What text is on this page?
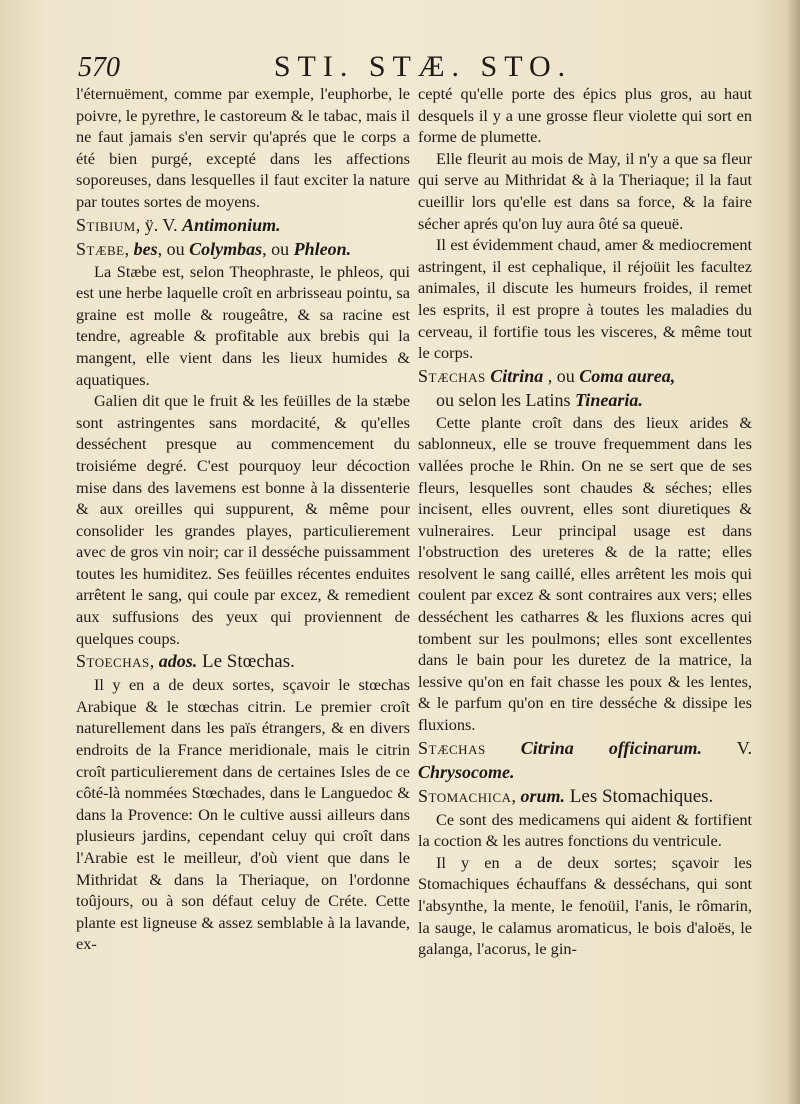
570	STI. STÆ. STO.

l'éternuëment, comme par exemple, l'euphorbe, le poivre, le pyrethre, le castoreum & le tabac, mais il ne faut jamais s'en servir qu'aprés que le corps a été bien purgé, excepté dans les affections soporeuses, dans lesquelles il faut exciter la nature par toutes sortes de moyens.

Stibium, ÿ. V. Antimonium.

Stæbe, bes, ou Colymbas, ou Phleon.

La Stæbe est, selon Theophraste, le phleos, qui est une herbe laquelle croît en arbrisseau pointu, sa graine est molle & rougeâtre, & sa racine est tendre, agreable & profitable aux brebis qui la mangent, elle vient dans les lieux humides & aquatiques.

Galien dit que le fruit & les feüilles de la stæbe sont astringentes sans mordacité, & qu'elles desséchent presque au commencement du troisiéme degré. C'est pourquoy leur décoction mise dans des lavemens est bonne à la dissenterie & aux oreilles qui suppurent, & même pour consolider les grandes playes, particulierement avec de gros vin noir; car il desséche puissamment toutes les humiditez. Ses feüilles récentes enduites arrêtent le sang, qui coule par excez, & remedient aux suffusions des yeux qui proviennent de quelques coups.

Stoechas, ados. Le Stœchas.

Il y en a de deux sortes, sçavoir le stœchas Arabique & le stœchas citrin. Le premier croît naturellement dans les païs étrangers, & en divers endroits de la France meridionale, mais le citrin croît particulierement dans de certaines Isles de ce côté-là nommées Stœchades, dans le Languedoc & dans la Provence: On le cultive aussi ailleurs dans plusieurs jardins, cependant celuy qui croît dans l'Arabie est le meilleur, d'où vient que dans le Mithridat & dans la Theriaque, on l'ordonne toûjours, ou à son défaut celuy de Créte. Cette plante est ligneuse & assez semblable à la lavande, ex-

cepté qu'elle porte des épics plus gros, au haut desquels il y a une grosse fleur violette qui sort en forme de plumette.

Elle fleurit au mois de May, il n'y a que sa fleur qui serve au Mithridat & à la Theriaque; il la faut cueillir lors qu'elle est dans sa force, & la faire sécher aprés qu'on luy aura ôté sa queuë.

Il est évidemment chaud, amer & mediocrement astringent, il est cephalique, il réjoüit les facultez animales, il discute les humeurs froides, il remet les esprits, il est propre à toutes les maladies du cerveau, il fortifie tous les visceres, & même tout le corps.

Stæchas Citrina , ou Coma aurea,
ou selon les Latins Tinearia.

Cette plante croît dans des lieux arides & sablonneux, elle se trouve frequemment dans les vallées proche le Rhin. On ne se sert que de ses fleurs, lesquelles sont chaudes & séches; elles incisent, elles ouvrent, elles sont diuretiques & vulneraires. Leur principal usage est dans l'obstruction des ureteres & de la ratte; elles resolvent le sang caillé, elles arrêtent les mois qui coulent par excez & sont contraires aux vers; elles desséchent les catharres & les fluxions acres qui tombent sur les poulmons; elles sont excellentes dans le bain pour les duretez de la matrice, la lessive qu'on en fait chasse les poux & les lentes, & le parfum qu'on en tire desséche & dissipe les fluxions.

Stæchas Citrina officinarum. V. Chrysocome.

Stomachica, orum. Les Stomachiques.

Ce sont des medicamens qui aident & fortifient la coction & les autres fonctions du ventricule.

Il y en a de deux sortes; sçavoir les Stomachiques échauffans & desséchans, qui sont l'absynthe, la mente, le fenoüil, l'anis, le rômarin, la sauge, le calamus aromaticus, le bois d'aloës, le galanga, l'acorus, le gin-
